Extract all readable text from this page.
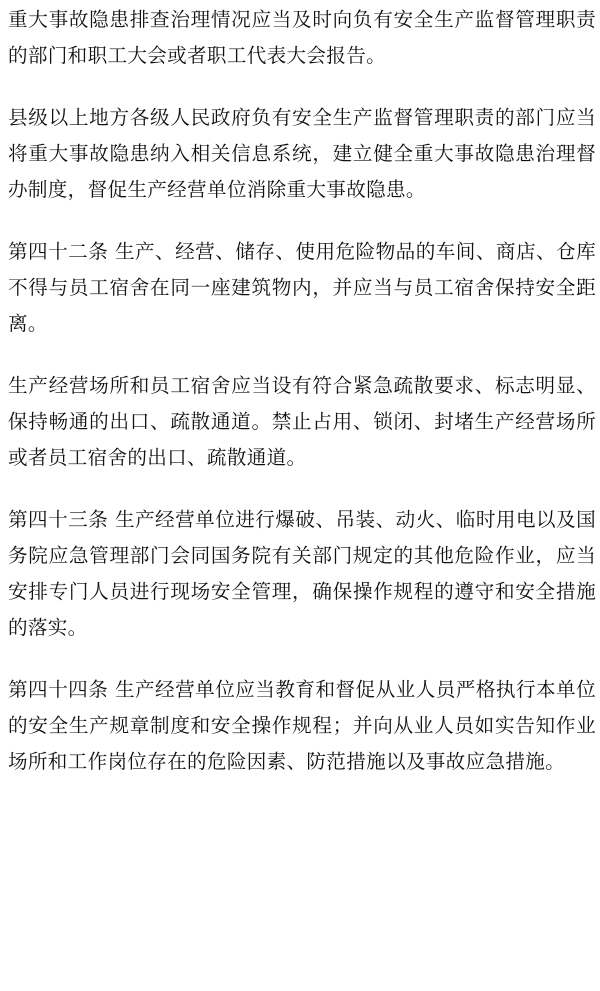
重大事故隐患排查治理情况应当及时向负有安全生产监督管理职责的部门和职工大会或者职工代表大会报告。

县级以上地方各级人民政府负有安全生产监督管理职责的部门应当将重大事故隐患纳入相关信息系统，建立健全重大事故隐患治理督办制度，督促生产经营单位消除重大事故隐患。

第四十二条 生产、经营、储存、使用危险物品的车间、商店、仓库不得与员工宿舍在同一座建筑物内，并应当与员工宿舍保持安全距离。

生产经营场所和员工宿舍应当设有符合紧急疏散要求、标志明显、保持畅通的出口、疏散通道。禁止占用、锁闭、封堵生产经营场所或者员工宿舍的出口、疏散通道。

第四十三条 生产经营单位进行爆破、吊装、动火、临时用电以及国务院应急管理部门会同国务院有关部门规定的其他危险作业，应当安排专门人员进行现场安全管理，确保操作规程的遵守和安全措施的落实。

第四十四条 生产经营单位应当教育和督促从业人员严格执行本单位的安全生产规章制度和安全操作规程；并向从业人员如实告知作业场所和工作岗位存在的危险因素、防范措施以及事故应急措施。
